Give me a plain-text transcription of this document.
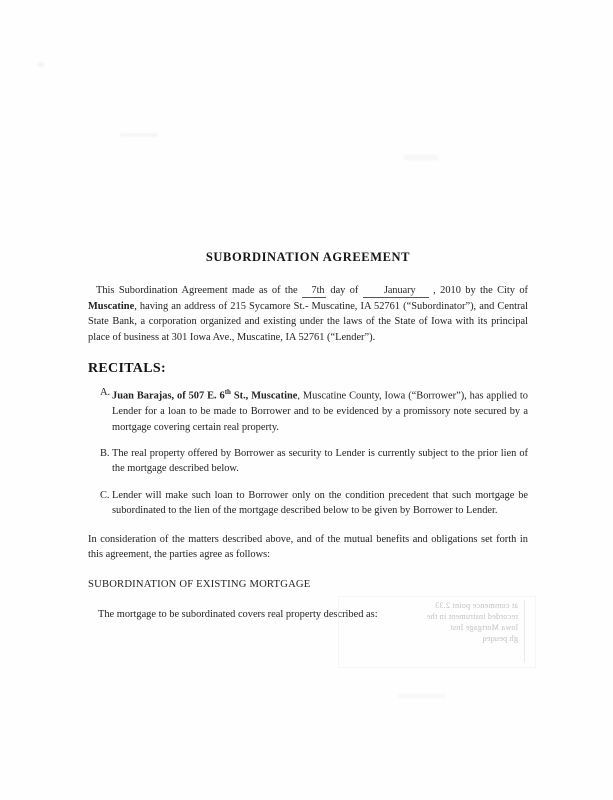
SUBORDINATION AGREEMENT

This Subordination Agreement made as of the 7th day of	January , 2010 by the City of Muscatine, having an address of 215 Sycamore St.- Muscatine, IA 52761 (“Subordinator”), and Central State Bank, a corporation organized and existing under the laws of the State of Iowa with its principal place of business at 301 Iowa Ave., Muscatine, IA 52761 (“Lender”).

RECITALS:
A. Juan Barajas, of 507 E. 6th St., Muscatine, Muscatine County, Iowa (“Borrower”), has applied to Lender for a loan to be made to Borrower and to be evidenced by a promissory note secured by a mortgage covering certain real property.
B. The real property offered by Borrower as security to Lender is currently subject to the prior lien of the mortgage described below.
C. Lender will make such loan to Borrower only on the condition precedent that such mortgage be subordinated to the lien of the mortgage described below to be given by Borrower to Lender.

In consideration of the matters described above, and of the mutual benefits and obligations set forth in this agreement, the parties agree as follows:

SUBORDINATION OF EXISTING MORTGAGE

The mortgage to be subordinated covers real property described as:

at commence point 2.33
recorded instrument in the
lowa Mortgage Inst
gh peuqeq
